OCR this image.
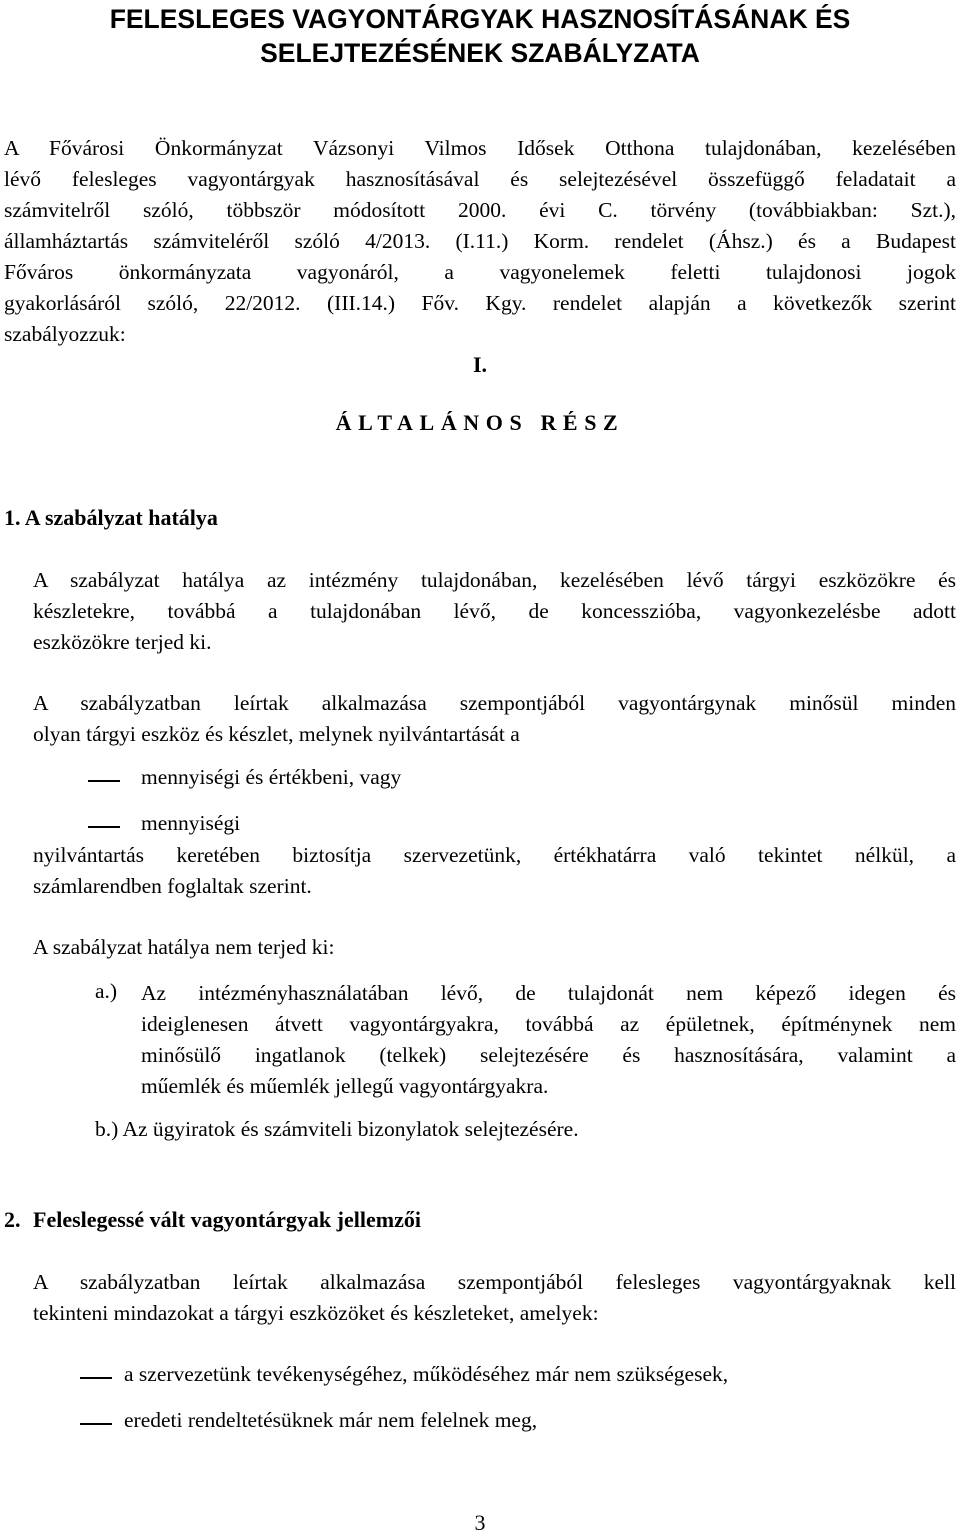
FELESLEGES VAGYONTÁRGYAK HASZNOSÍTÁSÁNAK ÉS
SELEJTEZÉSÉNEK SZABÁLYZATA
A Fővárosi Önkormányzat Vázsonyi Vilmos Idősek Otthona tulajdonában, kezelésében
lévő felesleges vagyontárgyak hasznosításával és selejtezésével összefüggő feladatait a
számvitelről szóló, többször módosított 2000. évi C. törvény (továbbiakban: Szt.),
államháztartás számviteléről szóló 4/2013. (I.11.) Korm. rendelet (Áhsz.) és a Budapest
Főváros önkormányzata vagyonáról, a vagyonelemek feletti tulajdonosi jogok
gyakorlásáról szóló, 22/2012. (III.14.) Főv. Kgy. rendelet alapján a következők szerint
szabályozzuk:
I.
ÁLTALÁNOS RÉSZ
1. A szabályzat hatálya
A szabályzat hatálya az intézmény tulajdonában, kezelésében lévő tárgyi eszközökre és
készletekre, továbbá a tulajdonában lévő, de koncesszióba, vagyonkezelésbe adott
eszközökre terjed ki.
A szabályzatban leírtak alkalmazása szempontjából vagyontárgynak minősül minden
olyan tárgyi eszköz és készlet, melynek nyilvántartását a
mennyiségi és értékbeni, vagy
mennyiségi
nyilvántartás keretében biztosítja szervezetünk, értékhatárra való tekintet nélkül, a
számlarendben foglaltak szerint.
A szabályzat hatálya nem terjed ki:
a.) Az intézményhasználatában lévő, de tulajdonát nem képező idegen és
ideiglenesen átvett vagyontárgyakra, továbbá az épületnek, építménynek nem
minősülő ingatlanok (telkek) selejtezésére és hasznosítására, valamint a
műemlék és műemlék jellegű vagyontárgyakra.
b.) Az ügyiratok és számviteli bizonylatok selejtezésére.
2. Feleslegessé vált vagyontárgyak jellemzői
A szabályzatban leírtak alkalmazása szempontjából felesleges vagyontárgyaknak kell
tekinteni mindazokat a tárgyi eszközöket és készleteket, amelyek:
a szervezetünk tevékenységéhez, működéséhez már nem szükségesek,
eredeti rendeltetésüknek már nem felelnek meg,
3
